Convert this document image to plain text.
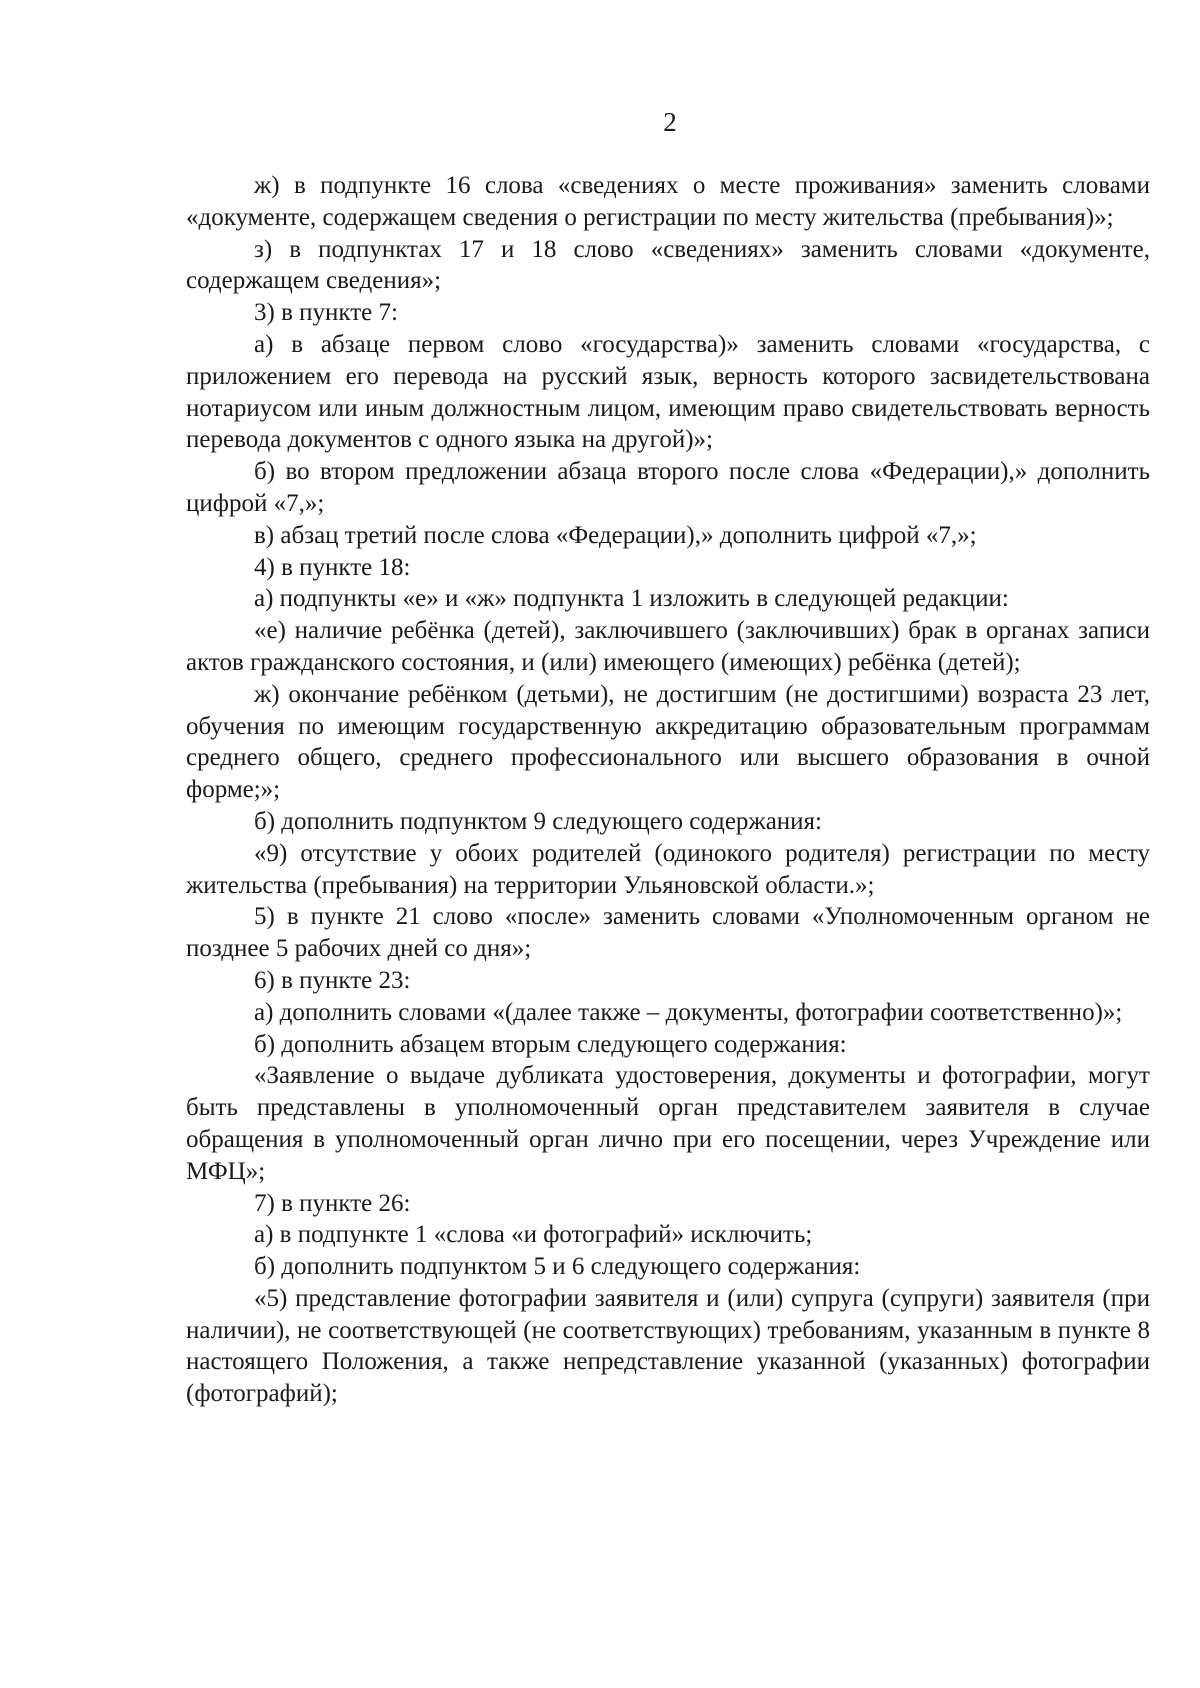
2

ж) в подпункте 16 слова «сведениях о месте проживания» заменить словами «документе, содержащем сведения о регистрации по месту жительства (пребывания)»;

з) в подпунктах 17 и 18 слово «сведениях» заменить словами «документе, содержащем сведения»;

3) в пункте 7:

а) в абзаце первом слово «государства)» заменить словами «государства, с приложением его перевода на русский язык, верность которого засвидетельствована нотариусом или иным должностным лицом, имеющим право свидетельствовать верность перевода документов с одного языка на другой)»;

б) во втором предложении абзаца второго после слова «Федерации),» дополнить цифрой «7,»;

в) абзац третий после слова «Федерации),» дополнить цифрой «7,»;

4) в пункте 18:

а) подпункты «е» и «ж» подпункта 1 изложить в следующей редакции:

«е) наличие ребёнка (детей), заключившего (заключивших) брак в органах записи актов гражданского состояния, и (или) имеющего (имеющих) ребёнка (детей);

ж) окончание ребёнком (детьми), не достигшим (не достигшими) возраста 23 лет, обучения по имеющим государственную аккредитацию образовательным программам среднего общего, среднего профессионального или высшего образования в очной форме;»;

б) дополнить подпунктом 9 следующего содержания:

«9) отсутствие у обоих родителей (одинокого родителя) регистрации по месту жительства (пребывания) на территории Ульяновской области.»;

5) в пункте 21 слово «после» заменить словами «Уполномоченным органом не позднее 5 рабочих дней со дня»;

6) в пункте 23:

а) дополнить словами «(далее также – документы, фотографии соответственно)»;

б) дополнить абзацем вторым следующего содержания:

«Заявление о выдаче дубликата удостоверения, документы и фотографии, могут быть представлены в уполномоченный орган представителем заявителя в случае обращения в уполномоченный орган лично при его посещении, через Учреждение или МФЦ»;

7) в пункте 26:

а) в подпункте 1 «слова «и фотографий» исключить;

б) дополнить подпунктом 5 и 6 следующего содержания:

«5) представление фотографии заявителя и (или) супруга (супруги) заявителя (при наличии), не соответствующей (не соответствующих) требованиям, указанным в пункте 8 настоящего Положения, а также непредставление указанной (указанных) фотографии (фотографий);
